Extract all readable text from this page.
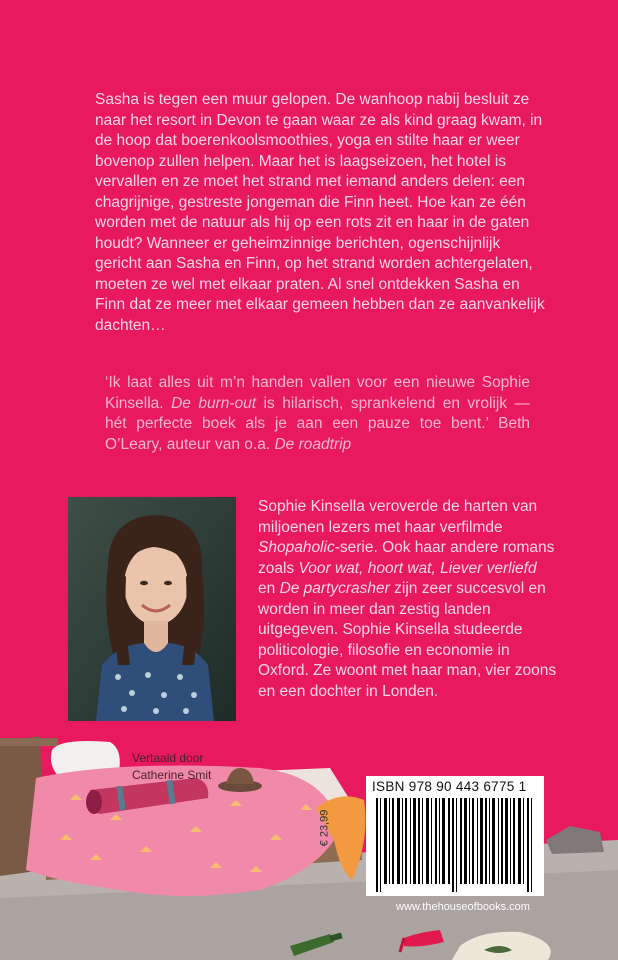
Sasha is tegen een muur gelopen. De wanhoop nabij besluit ze naar het resort in Devon te gaan waar ze als kind graag kwam, in de hoop dat boerenkoolsmoothies, yoga en stilte haar er weer bovenop zullen helpen. Maar het is laagseizoen, het hotel is vervallen en ze moet het strand met iemand anders delen: een chagrijnige, gestreste jongeman die Finn heet. Hoe kan ze één worden met de natuur als hij op een rots zit en haar in de gaten houdt? Wanneer er geheimzinnige berichten, ogenschijnlijk gericht aan Sasha en Finn, op het strand worden achtergelaten, moeten ze wel met elkaar praten. Al snel ontdekken Sasha en Finn dat ze meer met elkaar gemeen hebben dan ze aanvankelijk dachten…

‘Ik laat alles uit m’n handen vallen voor een nieuwe Sophie Kinsella. De burn-out is hilarisch, sprankelend en vrolijk — hét perfecte boek als je aan een pauze toe bent.’ Beth O’Leary, auteur van o.a. De roadtrip
Sophie Kinsella veroverde de harten van miljoenen lezers met haar verfilmde Shopaholic-serie. Ook haar andere romans zoals Voor wat, hoort wat, Liever verliefd en De partycrasher zijn zeer succesvol en worden in meer dan zestig landen uitgegeven. Sophie Kinsella studeerde politicologie, filosofie en economie in Oxford. Ze woont met haar man, vier zoons en een dochter in Londen.
Vertaald door
Catherine Smit
€ 23,99
ISBN 978 90 443 6775 1
www.thehouseofbooks.com
